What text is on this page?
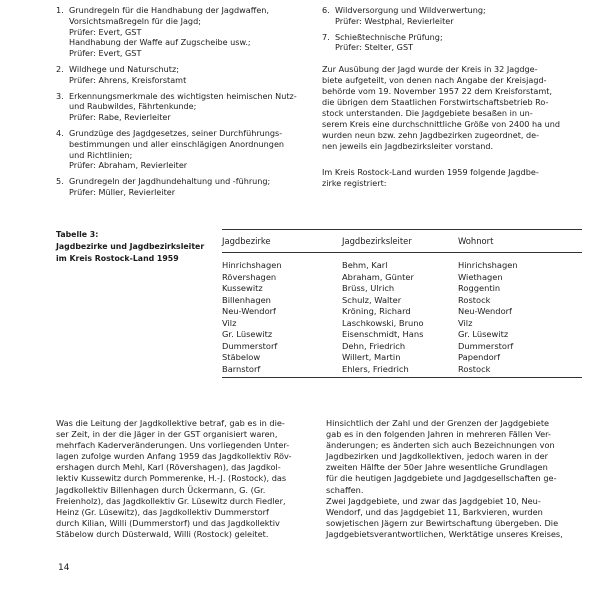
1. Grundregeln für die Handhabung der Jagdwaffen,
Vorsichtsmaßregeln für die Jagd;
Prüfer: Evert, GST
Handhabung der Waffe auf Zugscheibe usw.;
Prüfer: Evert, GST
2. Wildhege und Naturschutz;
Prüfer: Ahrens, Kreisforstamt
3. Erkennungsmerkmale des wichtigsten heimischen Nutz-
und Raubwildes, Fährtenkunde;
Prüfer: Rabe, Revierleiter
4. Grundzüge des Jagdgesetzes, seiner Durchführungs-
bestimmungen und aller einschlägigen Anordnungen
und Richtlinien;
Prüfer: Abraham, Revierleiter
5. Grundregeln der Jagdhundehaltung und -führung;
Prüfer: Müller, Revierleiter
6. Wildversorgung und Wildverwertung;
Prüfer: Westphal, Revierleiter
7. Schießtechnische Prüfung;
Prüfer: Stelter, GST
Zur Ausübung der Jagd wurde der Kreis in 32 Jagdge-
biete aufgeteilt, von denen nach Angabe der Kreisjagd-
behörde vom 19. November 1957 22 dem Kreisforstamt,
die übrigen dem Staatlichen Forstwirtschaftsbetrieb Ro-
stock unterstanden. Die Jagdgebiete besaßen in un-
serem Kreis eine durchschnittliche Größe von 2400 ha und
wurden neun bzw. zehn Jagdbezirken zugeordnet, de-
nen jeweils ein Jagdbezirksleiter vorstand.
Im Kreis Rostock-Land wurden 1959 folgende Jagdbe-
zirke registriert:
Tabelle 3:
Jagdbezirke und Jagdbezirksleiter
im Kreis Rostock-Land 1959
Jagdbezirke	Jagdbezirksleiter	Wohnort
Hinrichshagen
Rövershagen
Kussewitz
Billenhagen
Neu-Wendorf
Vilz
Gr. Lüsewitz
Dummerstorf
Stäbelow
Barnstorf
Behm, Karl
Abraham, Günter
Brüss, Ulrich
Schulz, Walter
Kröning, Richard
Laschkowski, Bruno
Eisenschmidt, Hans
Dehn, Friedrich
Willert, Martin
Ehlers, Friedrich
Hinrichshagen
Wiethagen
Roggentin
Rostock
Neu-Wendorf
Vilz
Gr. Lüsewitz
Dummerstorf
Papendorf
Rostock
Was die Leitung der Jagdkollektive betraf, gab es in die-
ser Zeit, in der die Jäger in der GST organisiert waren,
mehrfach Kaderveränderungen. Uns vorliegenden Unter-
lagen zufolge wurden Anfang 1959 das Jagdkollektiv Röv-
ershagen durch Mehl, Karl (Rövershagen), das Jagdkol-
lektiv Kussewitz durch Pommerenke, H.-J. (Rostock), das
Jagdkollektiv Billenhagen durch Ückermann, G. (Gr.
Freienholz), das Jagdkollektiv Gr. Lüsewitz durch Fiedler,
Heinz (Gr. Lüsewitz), das Jagdkollektiv Dummerstorf
durch Kilian, Willi (Dummerstorf) und das Jagdkollektiv
Stäbelow durch Düsterwald, Willi (Rostock) geleitet.
Hinsichtlich der Zahl und der Grenzen der Jagdgebiete
gab es in den folgenden Jahren in mehreren Fällen Ver-
änderungen; es änderten sich auch Bezeichnungen von
Jagdbezirken und Jagdkollektiven, jedoch waren in der
zweiten Hälfte der 50er Jahre wesentliche Grundlagen
für die heutigen Jagdgebiete und Jagdgesellschaften ge-
schaffen.
Zwei Jagdgebiete, und zwar das Jagdgebiet 10, Neu-
Wendorf, und das Jagdgebiet 11, Barkvieren, wurden
sowjetischen Jägern zur Bewirtschaftung übergeben. Die
Jagdgebietsverantwortlichen, Werktätige unseres Kreises,
14
